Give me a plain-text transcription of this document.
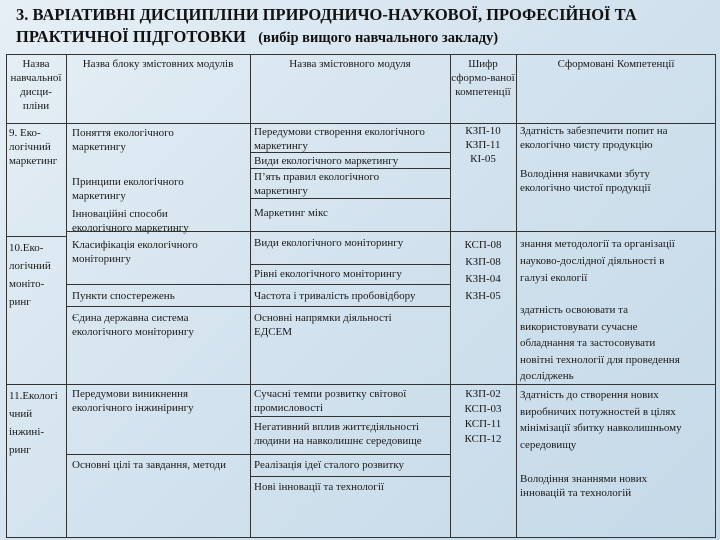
3. ВАРІАТИВНІ ДИСЦИПЛІНИ ПРИРОДНИЧО-НАУКОВОЇ, ПРОФЕСІЙНОЇ ТА
ПРАКТИЧНОЇ ПІДГОТОВКИ (вибір вищого навчального закладу)
Назва
навчальної
дисци-
пліни
Назва блоку змістовних модулів	Назва змістовного модуля	Шифр
сформо-ваної
компетенції
Сформовані Компетенції
9. Еко-
логічний
маркетинг
Поняття екологічного
маркетингу
Принципи екологічного
маркетингу
Інноваційні способи
екологічного маркетингу
Передумови створення екологічного
маркетингу
Види екологічного маркетингу
П’ять правил екологічного
маркетингу
Маркетинг мікс
КЗП-10
КЗП-11
КІ-05
Здатність забезпечити попит на
екологічно чисту продукцію
Володіння навичками збуту
екологічно чистої продукції
10.Еко-
логічний
моніто-
ринг
Класифікація екологічного
моніторингу
Пункти спостережень
Єдина державна система
екологічного моніторингу
Види екологічного моніторингу
Рівні екологічного моніторингу
Частота і тривалість пробовідбору
Основні напрямки діяльності
ЕДСЕМ
КСП-08
КЗП-08
КЗН-04
КЗН-05
знання методології та організації
науково-дослідної діяльності в
галузі екології
здатність освоювати та
використовувати сучасне
обладнання та застосовувати
новітні технології для проведення
досліджень
11.Екологі
чний
інжині-
ринг
Передумови виникнення
екологічного інжинірингу
Основні цілі та завдання, методи
Сучасні темпи розвитку світової
промисловості
Негативний вплив життєдіяльності
людини на навколишнє середовище
Реалізація ідеї сталого розвитку
Нові інновації та технології
КЗП-02
КСП-03
КСП-11
КСП-12
Здатність до створення нових
виробничих потужностей в цілях
мінімізації збитку навколишньому
середовищу
Володіння знаннями нових
інновацій та технологій
